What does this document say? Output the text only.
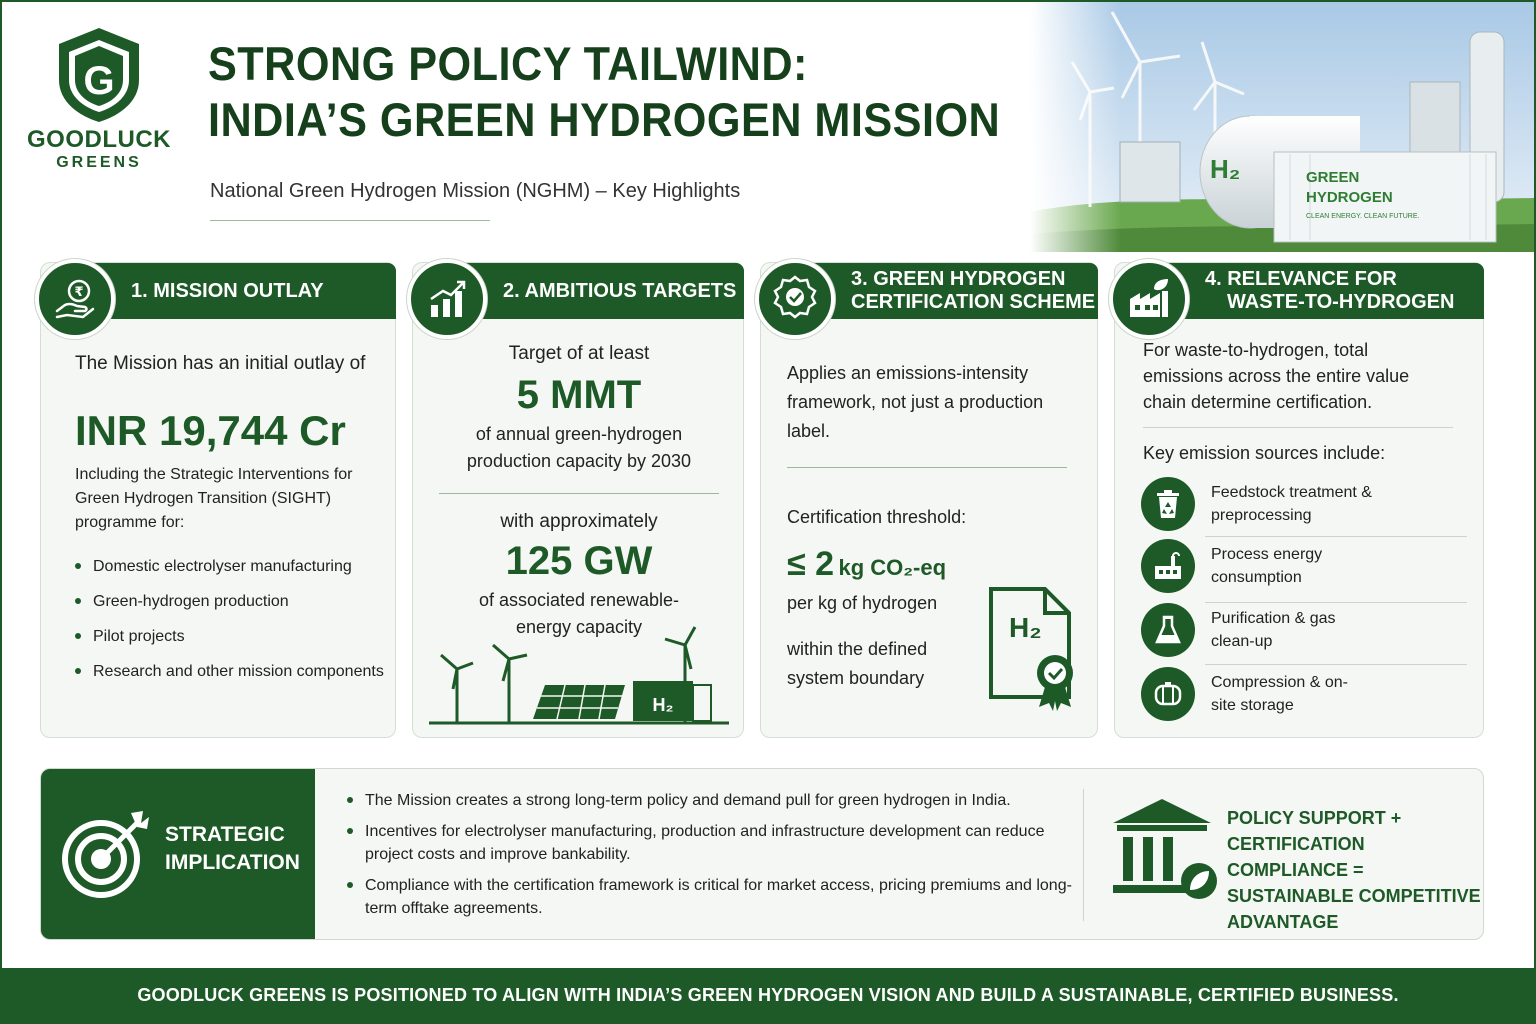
G
GOODLUCK
GREENS
STRONG POLICY TAILWIND:
INDIA’S GREEN HYDROGEN MISSION
National Green Hydrogen Mission (NGHM) – Key Highlights
1. MISSION OUTLAY
₹
The Mission has an initial outlay of
INR 19,744 Cr
Including the Strategic Interventions for Green Hydrogen Transition (SIGHT) programme for:
Domestic electrolyser manufacturing
Green-hydrogen production
Pilot projects
Research and other mission components
2. AMBITIOUS TARGETS
Target of at least
5 MMT
of annual green-hydrogen production capacity by 2030
with approximately
125 GW
of associated renewable-energy capacity
H₂
3. GREEN HYDROGEN
CERTIFICATION SCHEME
Applies an emissions-intensity framework, not just a production label.
Certification threshold:
≤ 2 kg CO₂-eq
per kg of hydrogen
within the defined system boundary
H₂
4. RELEVANCE FOR
WASTE-TO-HYDROGEN
For waste-to-hydrogen, total emissions across the entire value chain determine certification.
Key emission sources include:
Feedstock treatment & preprocessing
Process energy consumption
Purification & gas clean-up
Compression & on-site storage
STRATEGIC
IMPLICATION
The Mission creates a strong long-term policy and demand pull for green hydrogen in India.
Incentives for electrolyser manufacturing, production and infrastructure development can reduce project costs and improve bankability.
Compliance with the certification framework is critical for market access, pricing premiums and long-term offtake agreements.
POLICY SUPPORT +
CERTIFICATION COMPLIANCE =
SUSTAINABLE COMPETITIVE
ADVANTAGE
GOODLUCK GREENS IS POSITIONED TO ALIGN WITH INDIA’S GREEN HYDROGEN VISION AND BUILD A SUSTAINABLE, CERTIFIED BUSINESS.
